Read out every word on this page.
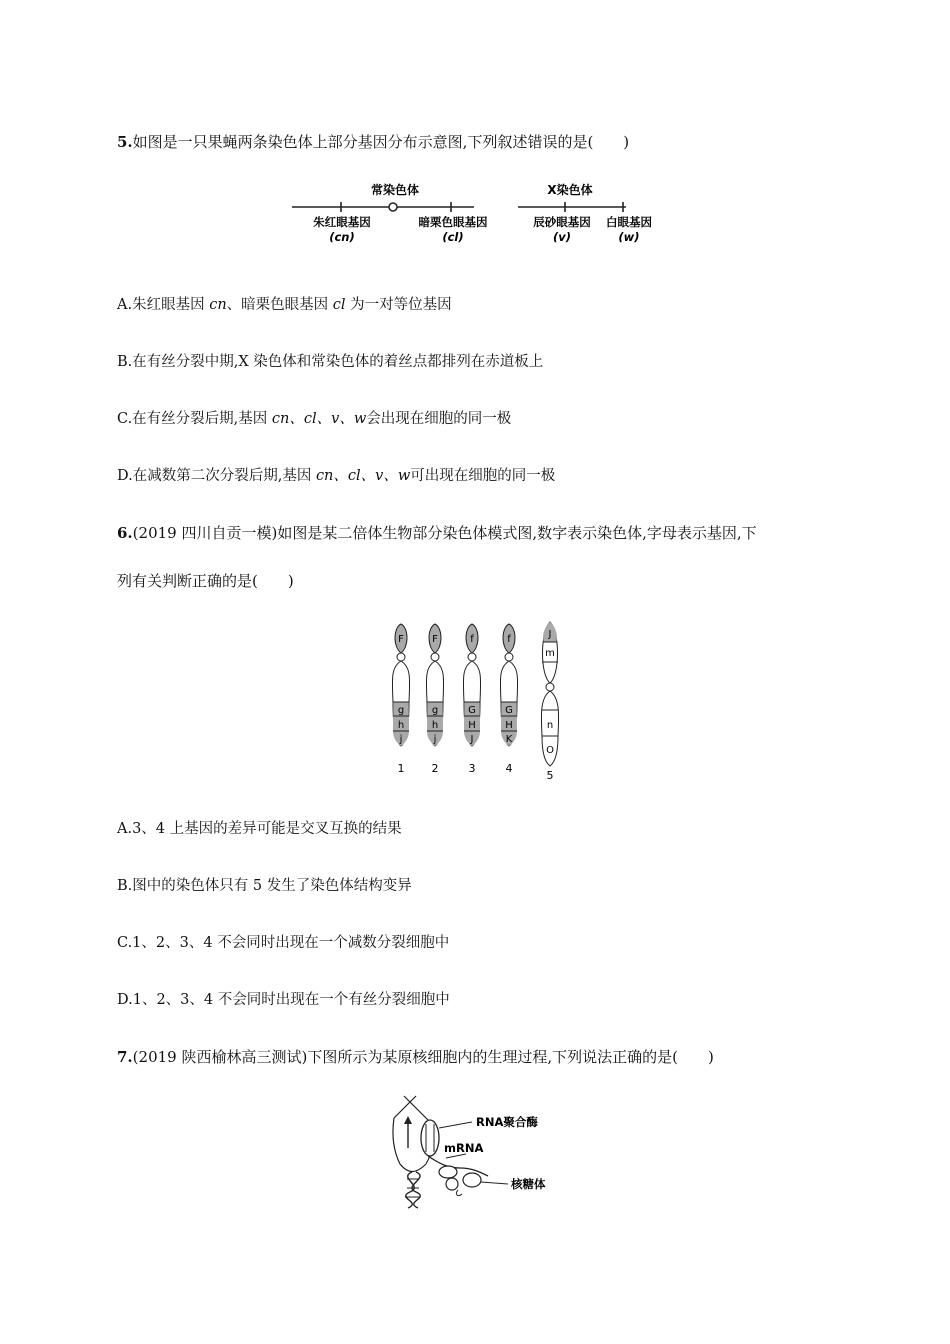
5.如图是一只果蝇两条染色体上部分基因分布示意图,下列叙述错误的是(　　)
常染色体	X染色体
朱红眼基因
(cn)
暗栗色眼基因
(cl)
辰砂眼基因
(v)
白眼基因
(w)
A.朱红眼基因 cn、暗栗色眼基因 cl 为一对等位基因
B.在有丝分裂中期,X 染色体和常染色体的着丝点都排列在赤道板上
C.在有丝分裂后期,基因 cn、cl、v、w会出现在细胞的同一极
D.在减数第二次分裂后期,基因 cn、cl、v、w可出现在细胞的同一极
6.(2019 四川自贡一模)如图是某二倍体生物部分染色体模式图,数字表示染色体,字母表示基因,下
列有关判断正确的是(　　)
F
g
h
j
1
F
g
h
j
2
f
G
H
J
3
f
G
H
K
4
J
m
n
O
5
A.3、4 上基因的差异可能是交叉互换的结果
B.图中的染色体只有 5 发生了染色体结构变异
C.1、2、3、4 不会同时出现在一个减数分裂细胞中
D.1、2、3、4 不会同时出现在一个有丝分裂细胞中
7.(2019 陕西榆林高三测试)下图所示为某原核细胞内的生理过程,下列说法正确的是(　　)
RNA聚合酶
mRNA
核糖体
